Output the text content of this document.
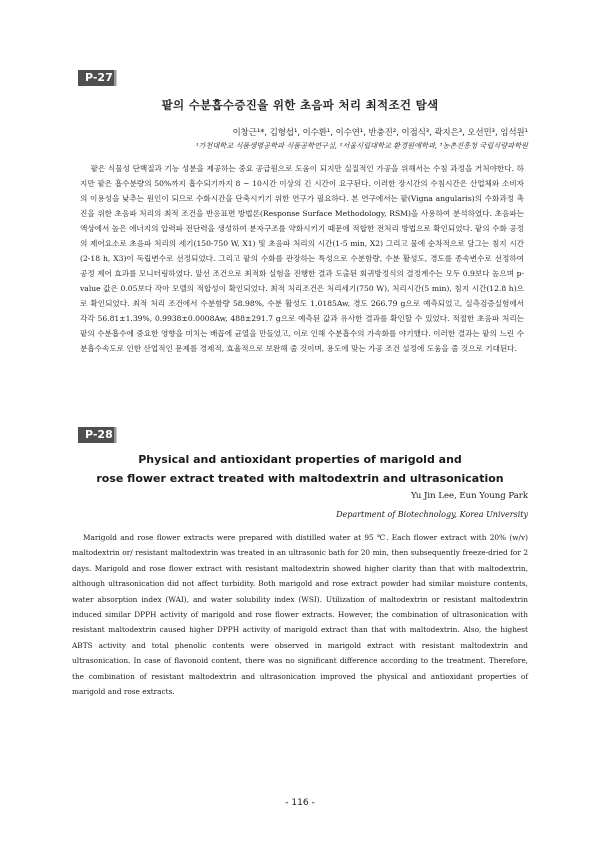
P-27
팥의 수분흡수증진을 위한 초음파 처리 최적조건 탐색
이창근¹*, 김형섭¹, 이수환¹, 이수연¹, 반충진², 이점식³, 곽지은³, 오선민³, 임석원¹
¹가천대학교 식품생명공학과 식품공학연구실, ²서울시립대학교 환경원예학과, ³농촌진흥청 국립식량과학원
팥은 식물성 단백질과 기능 성분을 제공하는 중요 공급원으로 도움이 되지만 실질적인 가공을 위해서는 수침 과정을 거처야한다. 하지만 팥은 흡수분량의 50%까지 흡수되기까지 8 ~ 10시간 이상의 긴 시간이 요구된다. 이러한 장시간의 수침시간은 산업체와 소비자의 이용성을 낮추는 원인이 되므로 수화시간을 단축시키기 위한 연구가 필요하다. 본 연구에서는 팥(Vigna angularis)의 수화과정 촉진을 위한 초음파 처리의 최적 조건을 반응표면 방법론(Response Surface Methodology, RSM)을 사용하여 분석하였다. 초음파는 액상에서 높은 에너지의 압력파 전단력을 생성하여 분자구조를 약화시키기 때문에 적합한 전처리 방법으로 확인되었다. 팥의 수화 공정의 제어요소로 초음파 처리의 세기(150-750 W, X1) 및 초음파 처리의 시간(1-5 min, X2) 그리고 물에 순차적으로 담그는 침지 시간(2-18 h, X3)이 독립변수로 선정되었다. 그리고 팥의 수화를 관장하는 특성으로 수분함량, 수분 활성도, 경도를 종속변수로 선정하여 공정 제어 효과를 모니터링하였다. 앞선 조건으로 최적화 실험을 진행한 결과 도출된 회귀방정식의 결정계수는 모두 0.9보다 높으며 p-value 값은 0.05보다 작아 모델의 적합성이 확인되었다. 최적 처리조건은 처리세기(750 W), 처리시간(5 min), 침지 시간(12.8 h)으로 확인되었다. 최적 처리 조건에서 수분함량 58.98%, 수분 활성도 1.0185Aw, 경도 266.79 g으로 예측되었고, 실측검증실험에서 각각 56.81±1.39%, 0.9938±0.0008Aw, 488±291.7 g으로 예측된 값과 유사한 결과를 확인할 수 있었다. 적절한 초음파 처리는 팥의 수분흡수에 중요한 영향을 미치는 배꼽에 균열을 만들었고, 이로 인해 수분흡수의 가속화를 야기했다. 이러한 결과는 팥의 느린 수분흡수속도로 인한 산업적인 문제를 경제적, 효율적으로 보완해 줄 것이며, 용도에 맞는 가공 조건 설정에 도움을 줄 것으로 기대된다.
P-28
Physical and antioxidant properties of marigold and
rose flower extract treated with maltodextrin and ultrasonication
Yu Jin Lee, Eun Young Park
Department of Biotechnology, Korea University
Marigold and rose flower extracts were prepared with distilled water at 95 ℃. Each flower extract with 20% (w/v) maltodextrin or/ resistant maltodextrin was treated in an ultrasonic bath for 20 min, then subsequently freeze-dried for 2 days. Marigold and rose flower extract with resistant maltodextrin showed higher clarity than that with maltodextrin, although ultrasonication did not affect turbidity. Both marigold and rose extract powder had similar moisture contents, water absorption index (WAI), and water solubility index (WSI). Utilization of maltodextrin or resistant maltodextrin induced similar DPPH activity of marigold and rose flower extracts. However, the combination of ultrasonication with resistant maltodextrin caused higher DPPH activity of marigold extract than that with maltodextrin. Also, the highest ABTS activity and total phenolic contents were observed in marigold extract with resistant maltodextrin and ultrasonication. In case of flavonoid content, there was no significant difference according to the treatment. Therefore, the combination of resistant maltodextrin and ultrasonication improved the physical and antioxidant properties of marigold and rose extracts.
- 116 -
